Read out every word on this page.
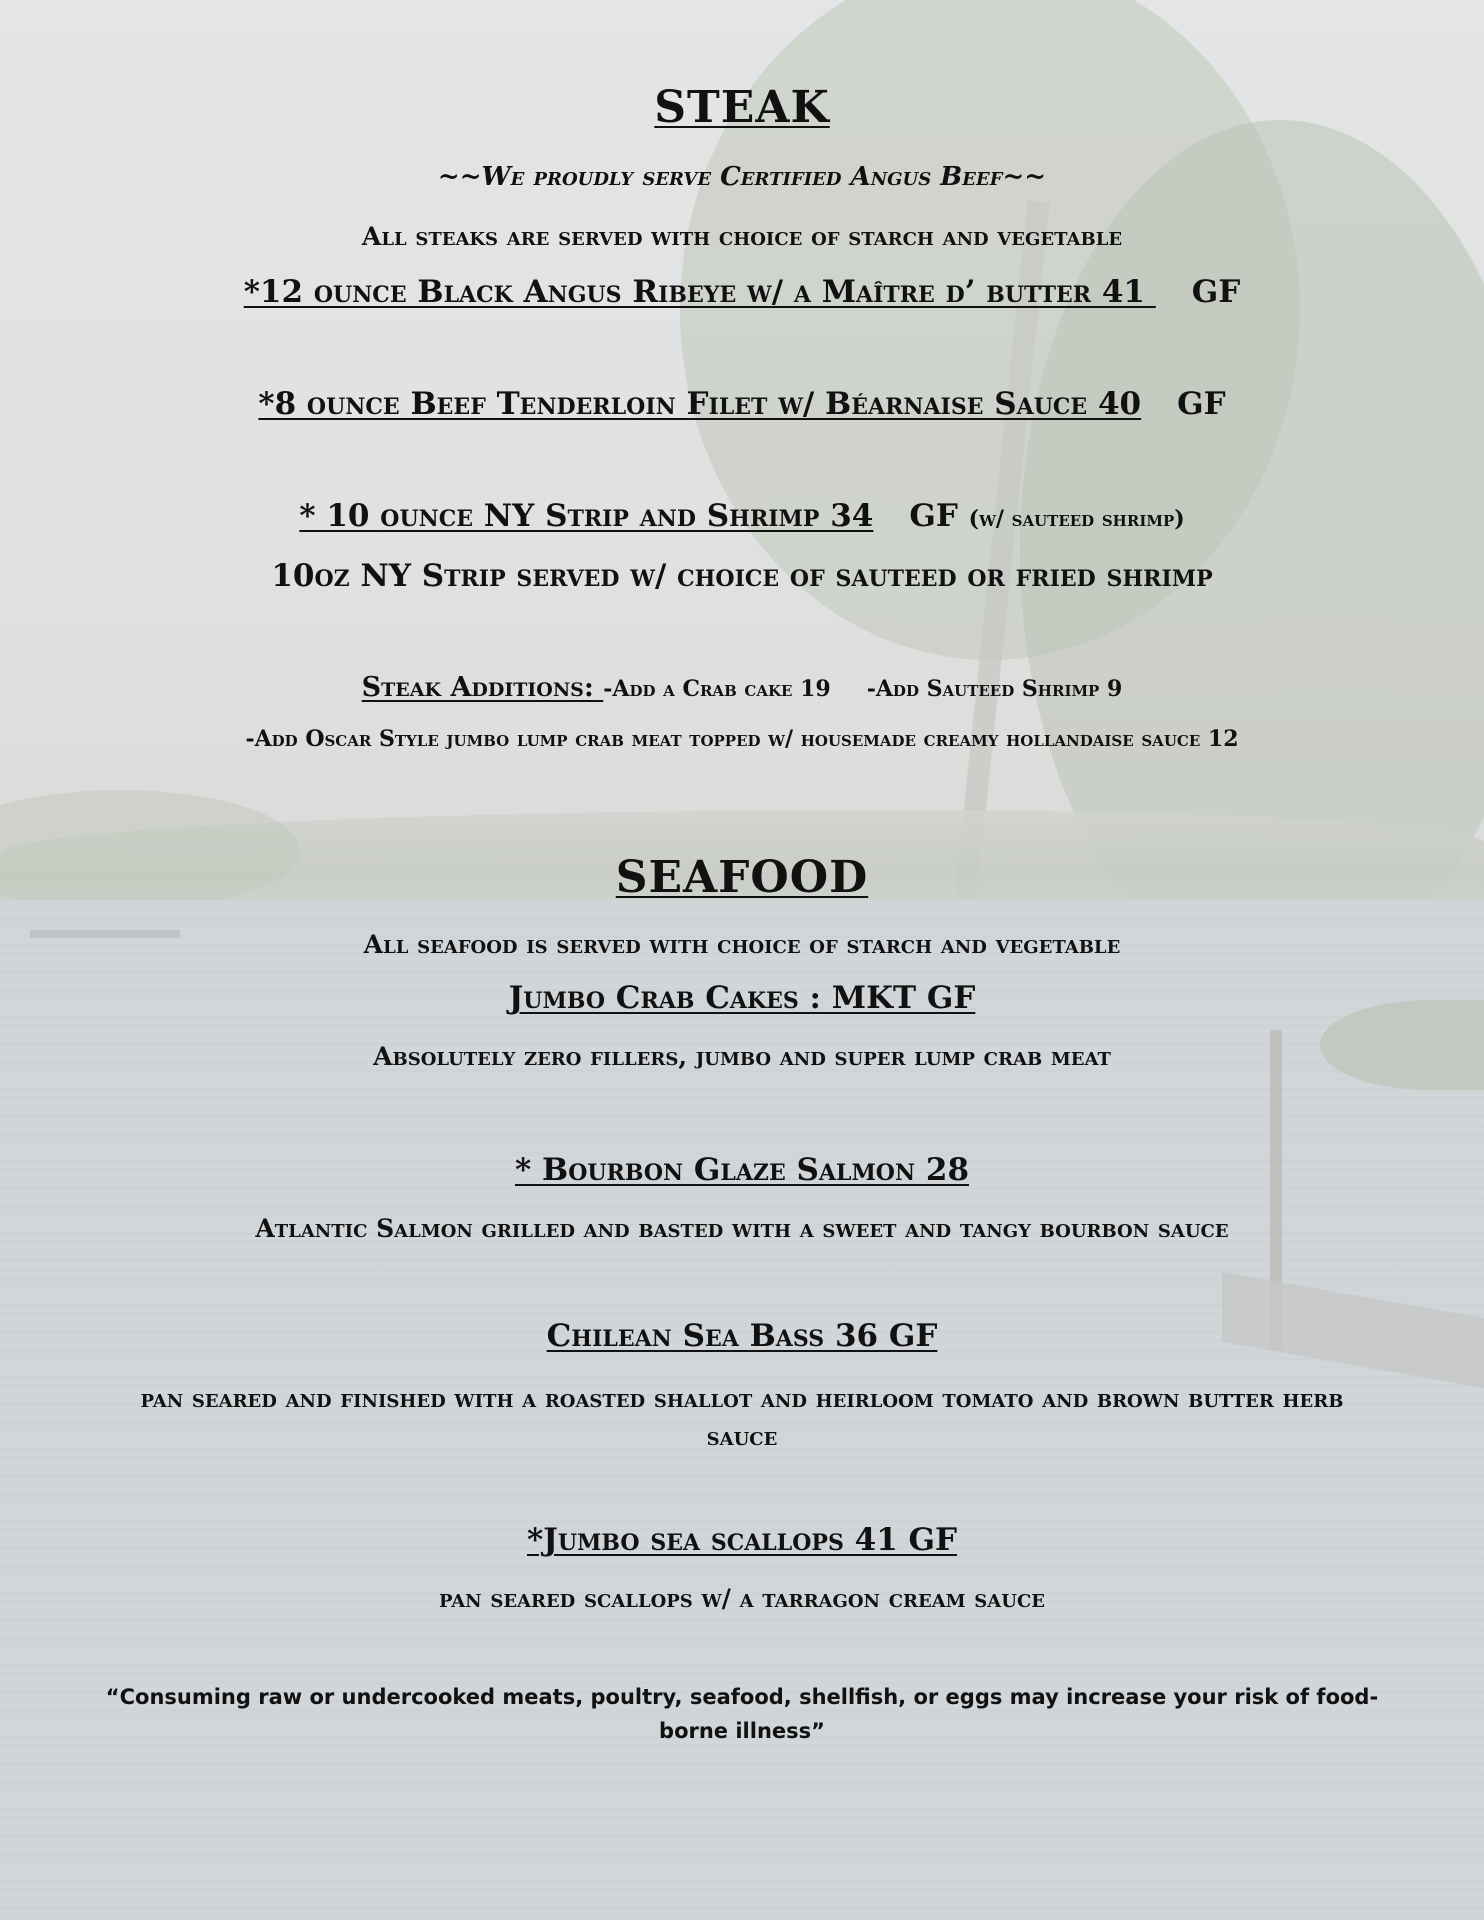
STEAK
~~We proudly serve Certified Angus Beef~~
All steaks are served with choice of starch and vegetable
*12 ounce Black Angus Ribeye w/ a Maître d’ butter 41 GF
*8 ounce Beef Tenderloin Filet w/ Béarnaise Sauce 40 GF
* 10 ounce NY Strip and Shrimp 34 GF (w/ sauteed shrimp)
10oz NY Strip served w/ choice of sauteed or fried shrimp
Steak Additions: -Add a Crab cake 19 -Add Sauteed Shrimp 9
-Add Oscar Style jumbo lump crab meat topped w/ housemade creamy hollandaise sauce 12
SEAFOOD
All seafood is served with choice of starch and vegetable
Jumbo Crab Cakes : MKT GF
Absolutely zero fillers, jumbo and super lump crab meat
* Bourbon Glaze Salmon 28
Atlantic Salmon grilled and basted with a sweet and tangy bourbon sauce
Chilean Sea Bass 36 GF
pan seared and finished with a roasted shallot and heirloom tomato and brown butter herb sauce
*Jumbo sea scallops 41 GF
pan seared scallops w/ a tarragon cream sauce
“Consuming raw or undercooked meats, poultry, seafood, shellfish, or eggs may increase your risk of food-borne illness”
